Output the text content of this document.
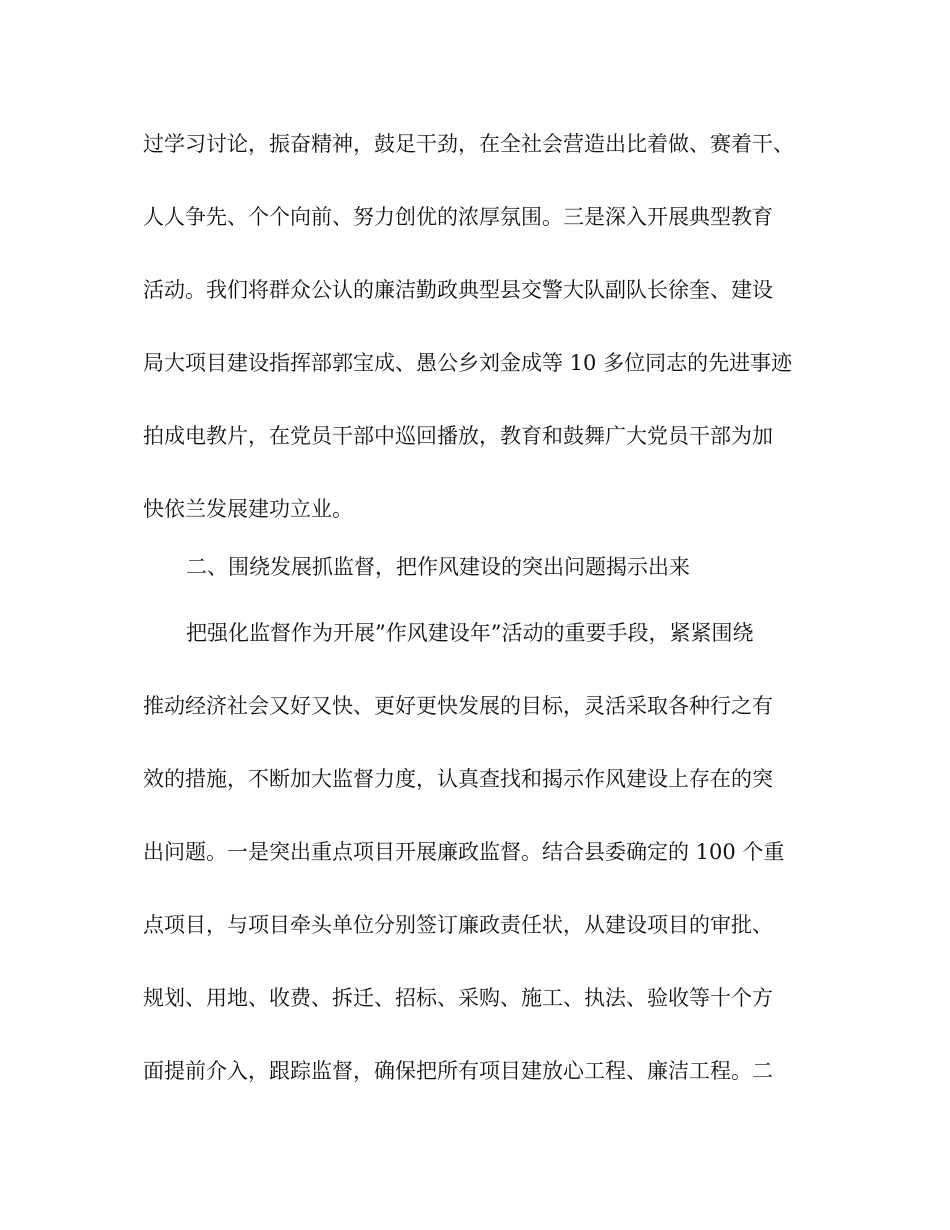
过学习讨论，振奋精神，鼓足干劲，在全社会营造出比着做、赛着干、
人人争先、个个向前、努力创优的浓厚氛围。三是深入开展典型教育
活动。我们将群众公认的廉洁勤政典型县交警大队副队长徐奎、建设
局大项目建设指挥部郭宝成、愚公乡刘金成等 10 多位同志的先进事迹
拍成电教片，在党员干部中巡回播放，教育和鼓舞广大党员干部为加
快依兰发展建功立业。
二、围绕发展抓监督，把作风建设的突出问题揭示出来
把强化监督作为开展”作风建设年”活动的重要手段，紧紧围绕
推动经济社会又好又快、更好更快发展的目标，灵活采取各种行之有
效的措施，不断加大监督力度，认真查找和揭示作风建设上存在的突
出问题。一是突出重点项目开展廉政监督。结合县委确定的 100 个重
点项目，与项目牵头单位分别签订廉政责任状，从建设项目的审批、
规划、用地、收费、拆迁、招标、采购、施工、执法、验收等十个方
面提前介入，跟踪监督，确保把所有项目建放心工程、廉洁工程。二
